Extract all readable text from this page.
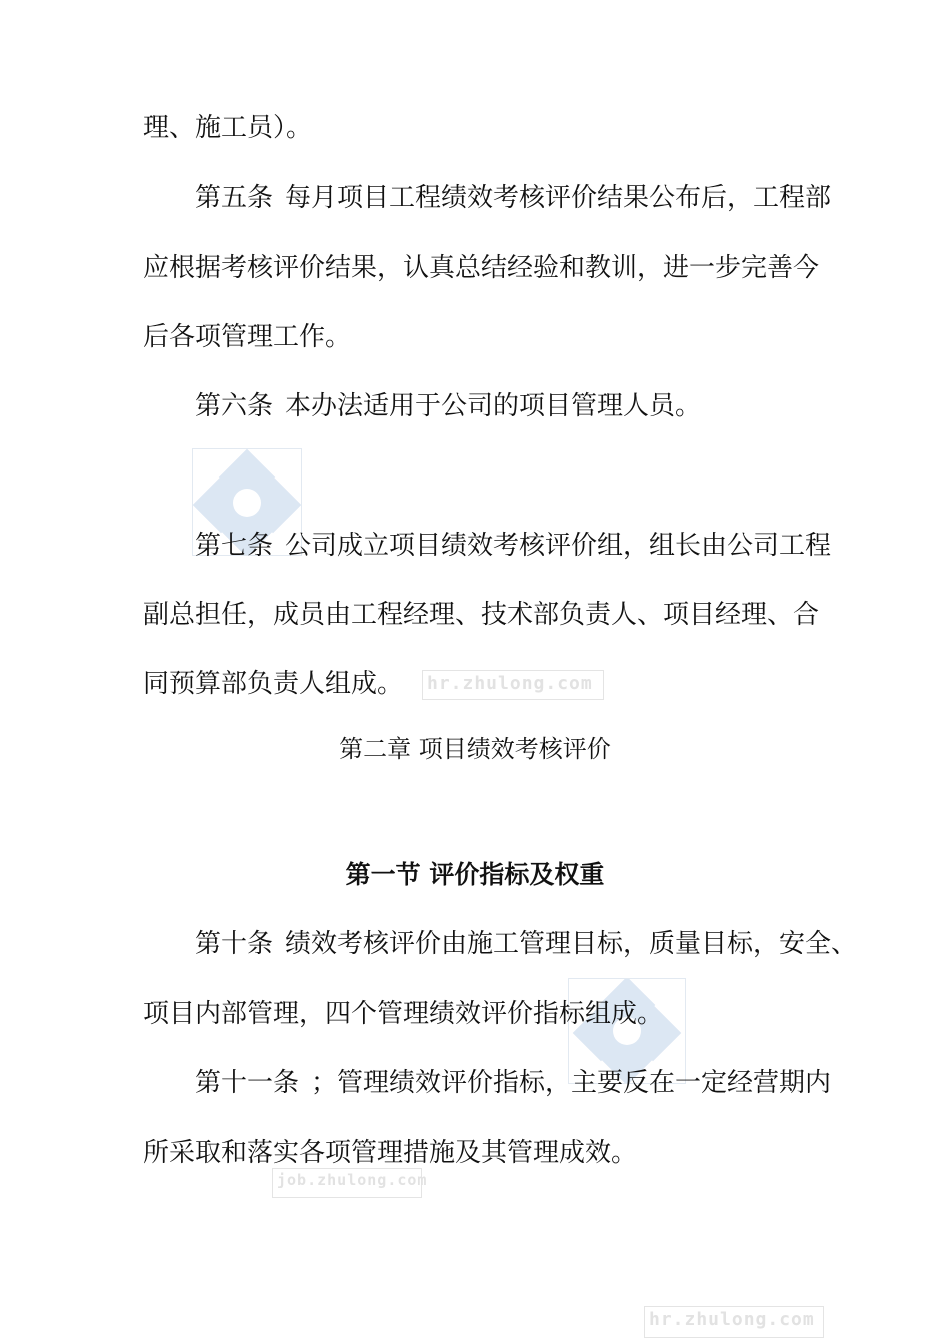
hr.zhulong.com
job.zhulong.com
hr.zhulong.com
理、施工员）。
第五条 每月项目工程绩效考核评价结果公布后，工程部
应根据考核评价结果，认真总结经验和教训，进一步完善今
后各项管理工作。
第六条 本办法适用于公司的项目管理人员。
第七条 公司成立项目绩效考核评价组，组长由公司工程
副总担任，成员由工程经理、技术部负责人、项目经理、合
同预算部负责人组成。
第二章 项目绩效考核评价
第一节 评价指标及权重
第十条 绩效考核评价由施工管理目标，质量目标，安全、
项目内部管理，四个管理绩效评价指标组成。
第十一条 ；管理绩效评价指标，主要反在一定经营期内
所采取和落实各项管理措施及其管理成效。
